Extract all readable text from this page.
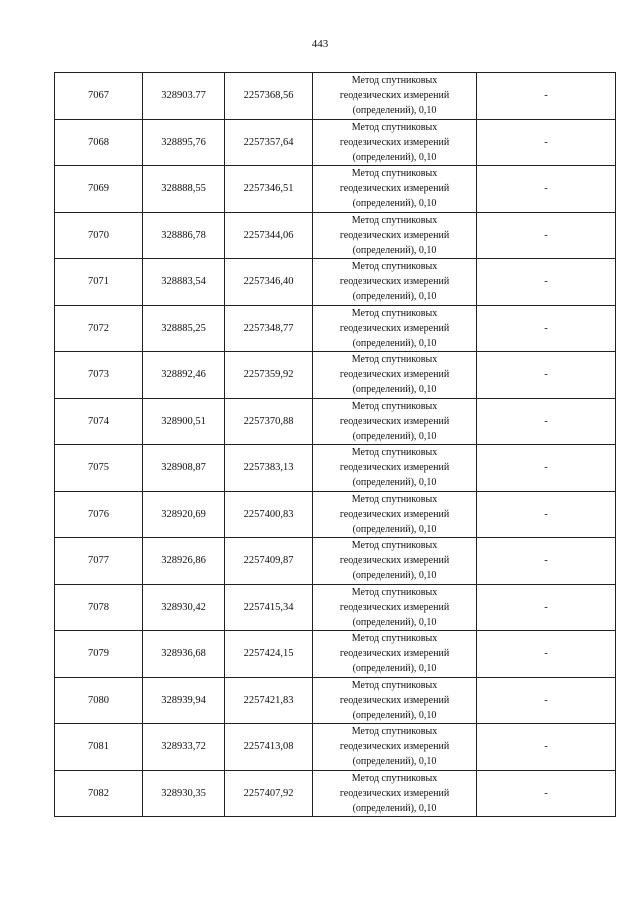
443
7067	328903.77	2257368,56	Метод спутниковых
геодезических измерений
(определений), 0,10	-
7068	328895,76	2257357,64	Метод спутниковых
геодезических измерений
(определений), 0,10	-
7069	328888,55	2257346,51	Метод спутниковых
геодезических измерений
(определений), 0,10	-
7070	328886,78	2257344,06	Метод спутниковых
геодезических измерений
(определений), 0,10	-
7071	328883,54	2257346,40	Метод спутниковых
геодезических измерений
(определений), 0,10	-
7072	328885,25	2257348,77	Метод спутниковых
геодезических измерений
(определений), 0,10	-
7073	328892,46	2257359,92	Метод спутниковых
геодезических измерений
(определений), 0,10	-
7074	328900,51	2257370,88	Метод спутниковых
геодезических измерений
(определений), 0,10	-
7075	328908,87	2257383,13	Метод спутниковых
геодезических измерений
(определений), 0,10	-
7076	328920,69	2257400,83	Метод спутниковых
геодезических измерений
(определений), 0,10	-
7077	328926,86	2257409,87	Метод спутниковых
геодезических измерений
(определений), 0,10	-
7078	328930,42	2257415,34	Метод спутниковых
геодезических измерений
(определений), 0,10	-
7079	328936,68	2257424,15	Метод спутниковых
геодезических измерений
(определений), 0,10	-
7080	328939,94	2257421,83	Метод спутниковых
геодезических измерений
(определений), 0,10	-
7081	328933,72	2257413,08	Метод спутниковых
геодезических измерений
(определений), 0,10	-
7082	328930,35	2257407,92	Метод спутниковых
геодезических измерений
(определений), 0,10	-
